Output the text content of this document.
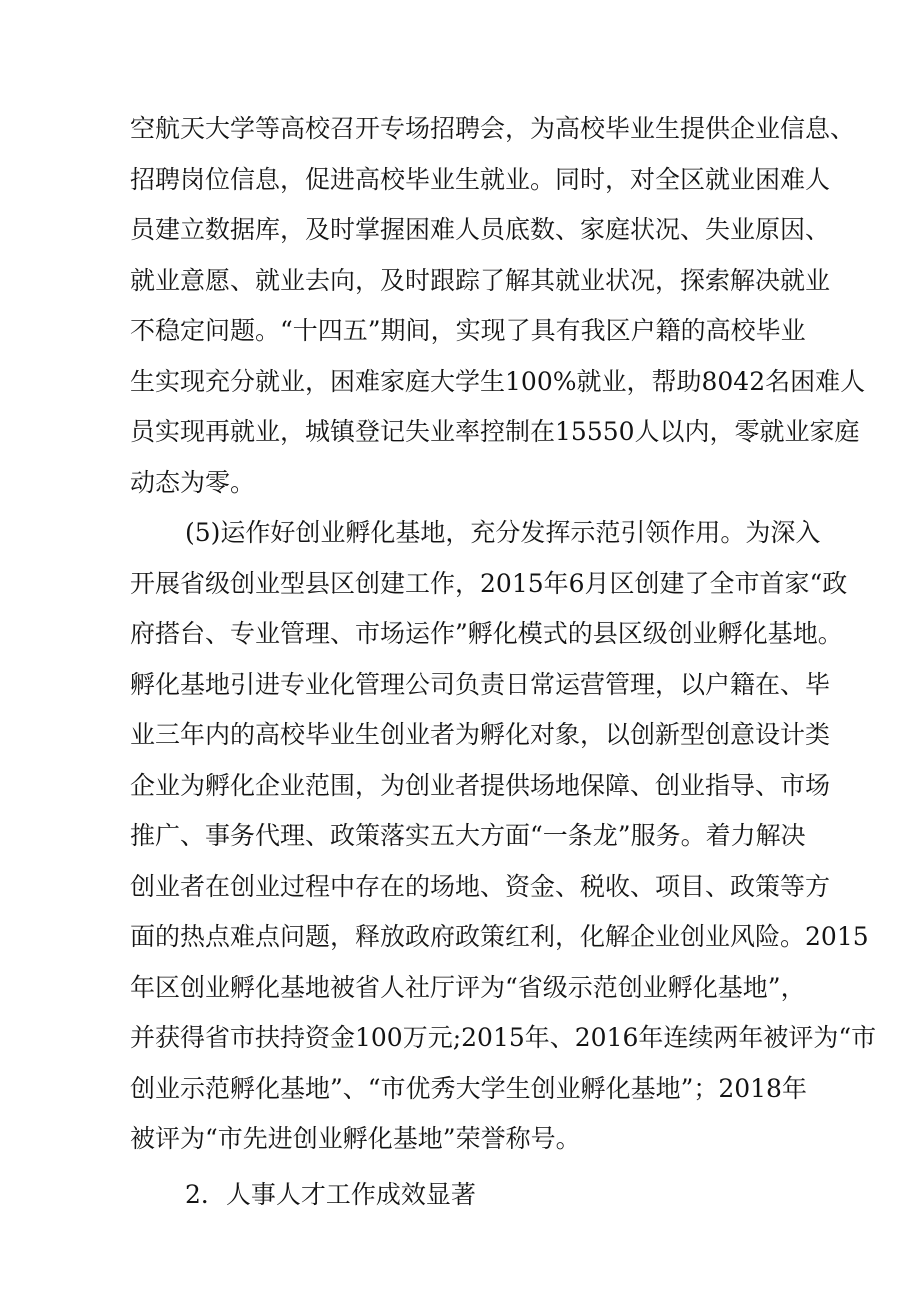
空航天大学等高校召开专场招聘会，为高校毕业生提供企业信息、
招聘岗位信息，促进高校毕业生就业。同时，对全区就业困难人
员建立数据库，及时掌握困难人员底数、家庭状况、失业原因、
就业意愿、就业去向，及时跟踪了解其就业状况，探索解决就业
不稳定问题。“十四五”期间，实现了具有我区户籍的高校毕业
生实现充分就业，困难家庭大学生100%就业，帮助8042名困难人
员实现再就业，城镇登记失业率控制在15550人以内，零就业家庭
动态为零。
(5)运作好创业孵化基地，充分发挥示范引领作用。为深入
开展省级创业型县区创建工作，2015年6月区创建了全市首家“政
府搭台、专业管理、市场运作”孵化模式的县区级创业孵化基地。
孵化基地引进专业化管理公司负责日常运营管理，以户籍在、毕
业三年内的高校毕业生创业者为孵化对象，以创新型创意设计类
企业为孵化企业范围，为创业者提供场地保障、创业指导、市场
推广、事务代理、政策落实五大方面“一条龙”服务。着力解决
创业者在创业过程中存在的场地、资金、税收、项目、政策等方
面的热点难点问题，释放政府政策红利，化解企业创业风险。2015
年区创业孵化基地被省人社厅评为“省级示范创业孵化基地”，
并获得省市扶持资金100万元;2015年、2016年连续两年被评为“市
创业示范孵化基地”、“市优秀大学生创业孵化基地”；2018年
被评为“市先进创业孵化基地”荣誉称号。
2．人事人才工作成效显著
